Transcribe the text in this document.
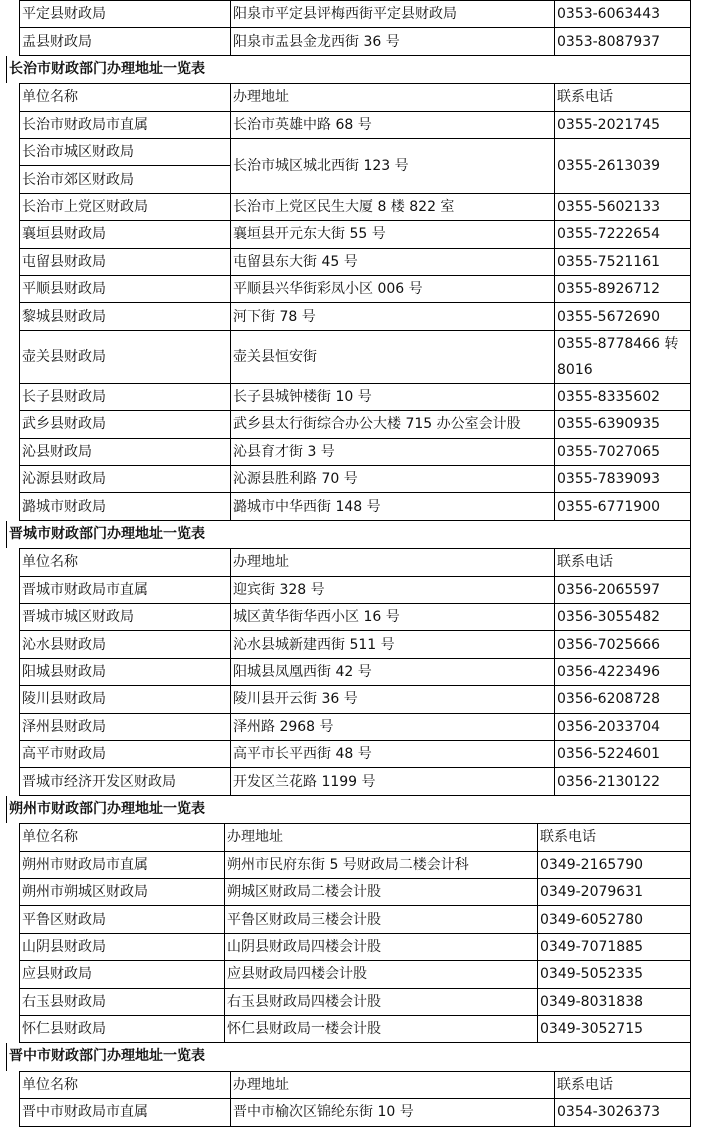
平定县财政局	阳泉市平定县评梅西街平定县财政局	0353-6063443
盂县财政局	阳泉市盂县金龙西街 36 号	0353-8087937
长治市财政部门办理地址一览表
单位名称	办理地址	联系电话
长治市财政局市直属	长治市英雄中路 68 号	0355-2021745
长治市城区财政局	长治市城区城北西街 123 号	0355-2613039
长治市郊区财政局		
长治市上党区财政局	长治市上党区民生大厦 8 楼 822 室	0355-5602133
襄垣县财政局	襄垣县开元东大街 55 号	0355-7222654
屯留县财政局	屯留县东大街 45 号	0355-7521161
平顺县财政局	平顺县兴华街彩凤小区 006 号	0355-8926712
黎城县财政局	河下街 78 号	0355-5672690
壶关县财政局	壶关县恒安街	0355-8778466 转 8016
长子县财政局	长子县城钟楼街 10 号	0355-8335602
武乡县财政局	武乡县太行街综合办公大楼 715 办公室会计股	0355-6390935
沁县财政局	沁县育才街 3 号	0355-7027065
沁源县财政局	沁源县胜利路 70 号	0355-7839093
潞城市财政局	潞城市中华西街 148 号	0355-6771900
晋城市财政部门办理地址一览表
单位名称	办理地址	联系电话
晋城市财政局市直属	迎宾街 328 号	0356-2065597
晋城市城区财政局	城区黄华街华西小区 16 号	0356-3055482
沁水县财政局	沁水县城新建西街 511 号	0356-7025666
阳城县财政局	阳城县凤凰西街 42 号	0356-4223496
陵川县财政局	陵川县开云街 36 号	0356-6208728
泽州县财政局	泽州路 2968 号	0356-2033704
高平市财政局	高平市长平西街 48 号	0356-5224601
晋城市经济开发区财政局	开发区兰花路 1199 号	0356-2130122
朔州市财政部门办理地址一览表
单位名称	办理地址	联系电话
朔州市财政局市直属	朔州市民府东街 5 号财政局二楼会计科	0349-2165790
朔州市朔城区财政局	朔城区财政局二楼会计股	0349-2079631
平鲁区财政局	平鲁区财政局三楼会计股	0349-6052780
山阴县财政局	山阴县财政局四楼会计股	0349-7071885
应县财政局	应县财政局四楼会计股	0349-5052335
右玉县财政局	右玉县财政局四楼会计股	0349-8031838
怀仁县财政局	怀仁县财政局一楼会计股	0349-3052715
晋中市财政部门办理地址一览表
单位名称	办理地址	联系电话
晋中市财政局市直属	晋中市榆次区锦纶东街 10 号	0354-3026373
